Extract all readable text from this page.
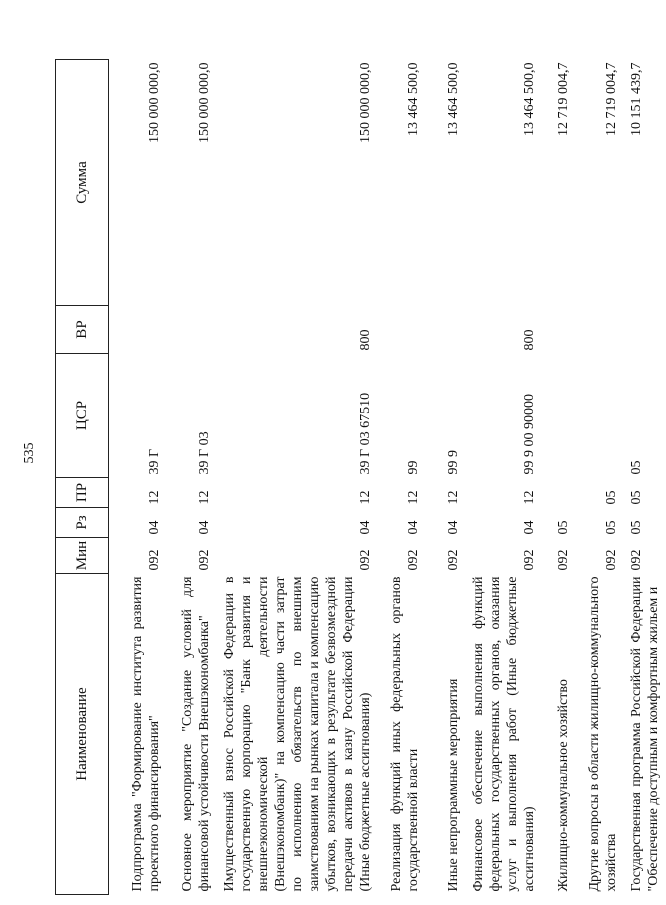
535
Наименование	Мин	Рз	ПР	ЦСР	ВР	Сумма
Подпрограмма "Формирование института развития проектного финансирования"	092	04	12	39 Г		150 000 000,0
Основное мероприятие "Создание условий для финансовой устойчивости Внешэкономбанка"	092	04	12	39 Г 03		150 000 000,0
Имущественный взнос Российской Федерации в государственную корпорацию "Банк развития и внешнеэкономической деятельности (Внешэкономбанк)" на компенсацию части затрат по исполнению обязательств по внешним заимствованиям на рынках капитала и компенсацию убытков, возникающих в результате безвозмездной передачи активов в казну Российской Федерации (Иные бюджетные ассигнования)	092	04	12	39 Г 03 67510	800	150 000 000,0
Реализация функций иных федеральных органов государственной власти	092	04	12	99		13 464 500,0
Иные непрограммные мероприятия	092	04	12	99 9		13 464 500,0
Финансовое обеспечение выполнения функций федеральных государственных органов, оказания услуг и выполнения работ (Иные бюджетные ассигнования)	092	04	12	99 9 00 90000	800	13 464 500,0
Жилищно-коммунальное хозяйство	092	05				12 719 004,7
Другие вопросы в области жилищно-коммунального хозяйства	092	05	05			12 719 004,7
Государственная программа Российской Федерации "Обеспечение доступным и комфортным жильем и	092	05	05	05		10 151 439,7
